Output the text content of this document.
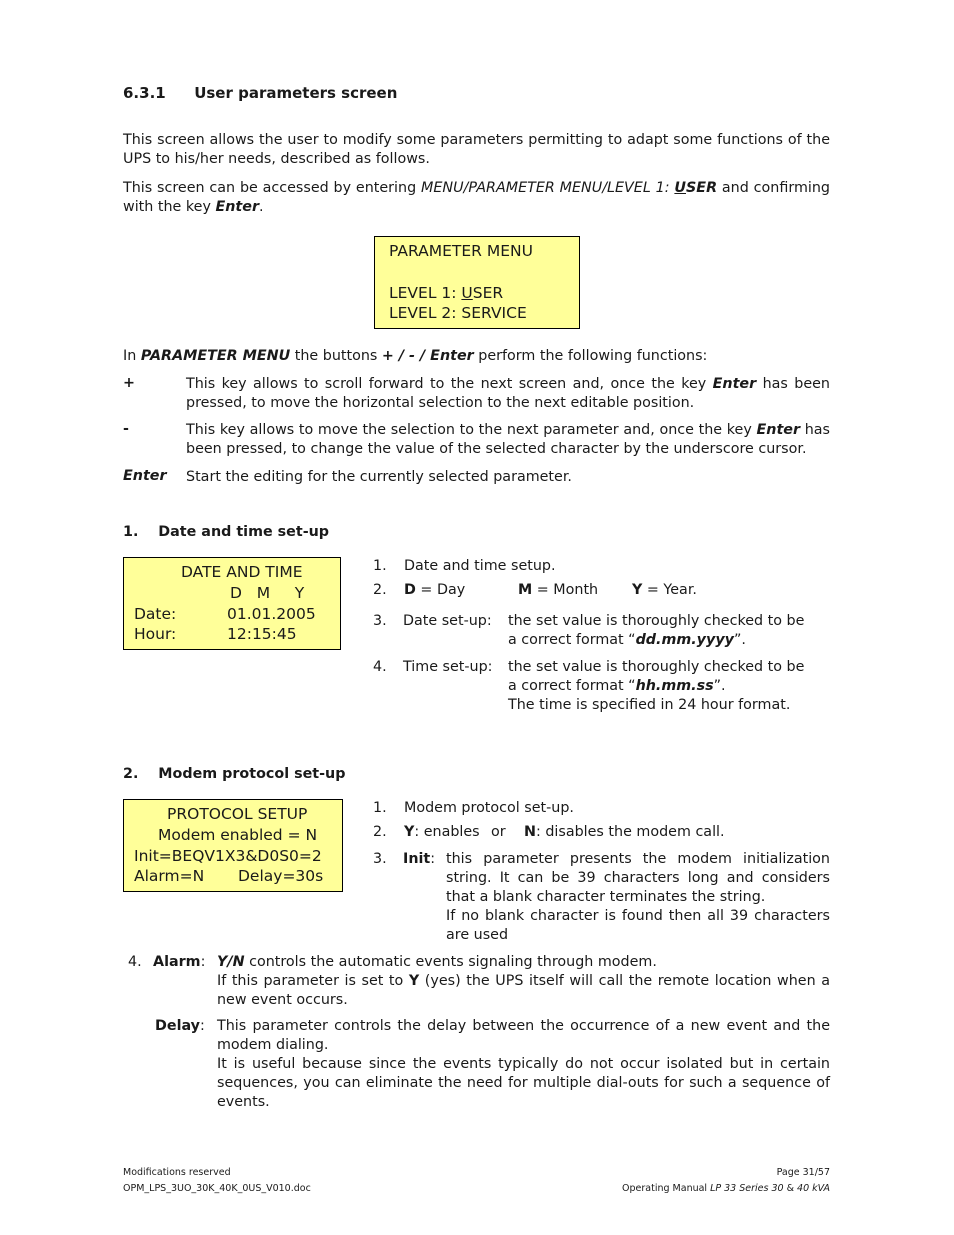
6.3.1 User parameters screen
This screen allows the user to modify some parameters permitting to adapt some functions of the UPS to his/her needs, described as follows.
This screen can be accessed by entering MENU/PARAMETER MENU/LEVEL 1: USER and confirming with the key Enter.
PARAMETER MENU
LEVEL 1: USER
LEVEL 2: SERVICE
In PARAMETER MENU the buttons + / - / Enter perform the following functions:
+	This key allows to scroll forward to the next screen and, once the key Enter has been pressed, to move the horizontal selection to the next editable position.
-	This key allows to move the selection to the next parameter and, once the key Enter has been pressed, to change the value of the selected character by the underscore cursor.
Enter Start the editing for the currently selected parameter.
1.    Date and time set-up
DATE AND TIME
D   M     Y
Date:	01.01.2005
Hour:	12:15:45
1. Date and time setup.
2. D = Day	M = Month Y = Year.
3. Date set-up: the set value is thoroughly checked to be a correct format “dd.mm.yyyy”.
4. Time set-up: the set value is thoroughly checked to be a correct format “hh.mm.ss”.
The time is specified in 24 hour format.
2.    Modem protocol set-up
PROTOCOL SETUP
Modem enabled = N
Init=BEQV1X3&D0S0=2
Alarm=N Delay=30s
1. Modem protocol set-up.
2. Y: enables or N: disables the modem call.
3. Init: this parameter presents the modem initialization string. It can be 39 characters long and considers that a blank character terminates the string.
If no blank character is found then all 39 characters are used
4. Alarm: Y/N controls the automatic events signaling through modem.
If this parameter is set to Y (yes) the UPS itself will call the remote location when a new event occurs.
Delay: This parameter controls the delay between the occurrence of a new event and the modem dialing.
It is useful because since the events typically do not occur isolated but in certain sequences, you can eliminate the need for multiple dial-outs for such a sequence of events.
Modifications reserved
OPM_LPS_3UO_30K_40K_0US_V010.doc
Page 31/57
Operating Manual LP 33 Series 30 & 40 kVA
